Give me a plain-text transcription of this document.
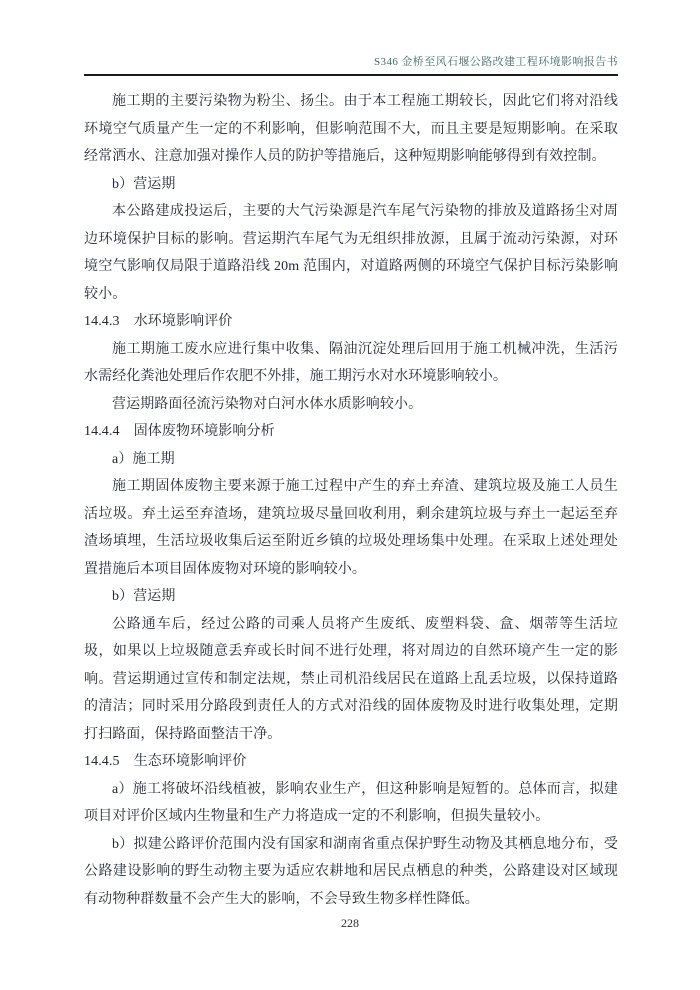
S346 金桥至风石堰公路改建工程环境影响报告书

施工期的主要污染物为粉尘、扬尘。由于本工程施工期较长，因此它们将对沿线环境空气质量产生一定的不利影响，但影响范围不大，而且主要是短期影响。在采取经常洒水、注意加强对操作人员的防护等措施后，这种短期影响能够得到有效控制。

b）营运期

本公路建成投运后，主要的大气污染源是汽车尾气污染物的排放及道路扬尘对周边环境保护目标的影响。营运期汽车尾气为无组织排放源，且属于流动污染源，对环境空气影响仅局限于道路沿线 20m 范围内，对道路两侧的环境空气保护目标污染影响较小。

14.4.3　水环境影响评价

施工期施工废水应进行集中收集、隔油沉淀处理后回用于施工机械冲洗，生活污水需经化粪池处理后作农肥不外排，施工期污水对水环境影响较小。

营运期路面径流污染物对白河水体水质影响较小。

14.4.4　固体废物环境影响分析

a）施工期

施工期固体废物主要来源于施工过程中产生的弃土弃渣、建筑垃圾及施工人员生活垃圾。弃土运至弃渣场，建筑垃圾尽量回收利用，剩余建筑垃圾与弃土一起运至弃渣场填埋，生活垃圾收集后运至附近乡镇的垃圾处理场集中处理。在采取上述处理处置措施后本项目固体废物对环境的影响较小。

b）营运期

公路通车后，经过公路的司乘人员将产生废纸、废塑料袋、盒、烟蒂等生活垃圾，如果以上垃圾随意丢弃或长时间不进行处理，将对周边的自然环境产生一定的影响。营运期通过宣传和制定法规，禁止司机沿线居民在道路上乱丢垃圾，以保持道路的清洁；同时采用分路段到责任人的方式对沿线的固体废物及时进行收集处理，定期打扫路面，保持路面整洁干净。

14.4.5　生态环境影响评价

a）施工将破坏沿线植被，影响农业生产，但这种影响是短暂的。总体而言，拟建项目对评价区域内生物量和生产力将造成一定的不利影响，但损失量较小。

b）拟建公路评价范围内没有国家和湖南省重点保护野生动物及其栖息地分布，受公路建设影响的野生动物主要为适应农耕地和居民点栖息的种类，公路建设对区域现有动物种群数量不会产生大的影响，不会导致生物多样性降低。

228
